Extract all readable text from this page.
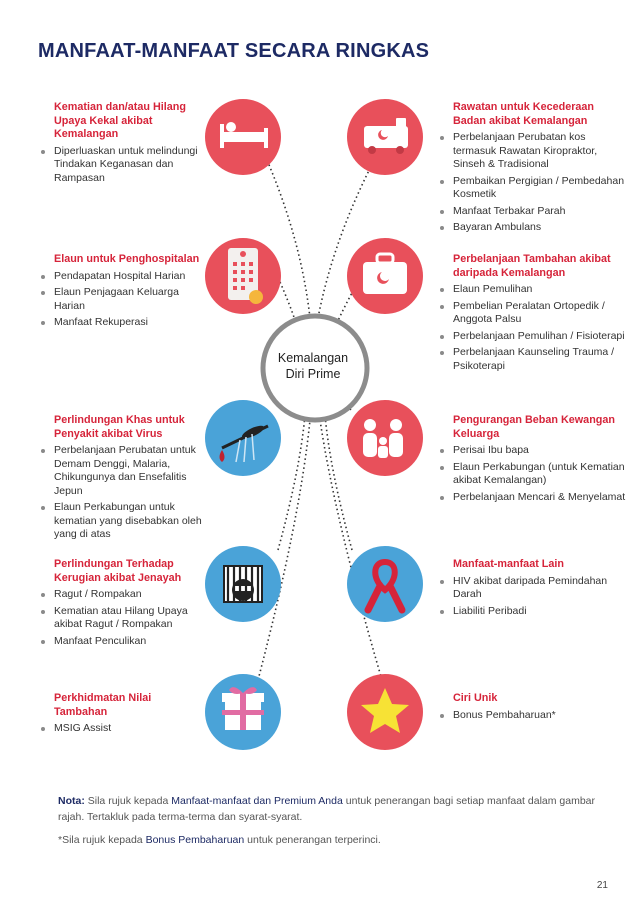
MANFAAT-MANFAAT SECARA RINGKAS
Kemalangan
Diri Prime
Kematian dan/atau Hilang Upaya Kekal akibat Kemalangan
Diperluaskan untuk melindungi Tindakan Keganasan dan Rampasan
Elaun untuk Penghospitalan
Pendapatan Hospital Harian
Elaun Penjagaan Keluarga Harian
Manfaat Rekuperasi
Perlindungan Khas untuk Penyakit akibat Virus
Perbelanjaan Perubatan untuk Demam Denggi, Malaria, Chikungunya dan Ensefalitis Jepun
Elaun Perkabungan untuk kematian yang disebabkan oleh yang di atas
Perlindungan Terhadap Kerugian akibat Jenayah
Ragut / Rompakan
Kematian atau Hilang Upaya akibat Ragut / Rompakan
Manfaat Penculikan
Perkhidmatan Nilai Tambahan
MSIG Assist
Rawatan untuk Kecederaan Badan akibat Kemalangan
Perbelanjaan Perubatan kos termasuk Rawatan Kiropraktor, Sinseh & Tradisional
Pembaikan Pergigian / Pembedahan Kosmetik
Manfaat Terbakar Parah
Bayaran Ambulans
Perbelanjaan Tambahan akibat daripada Kemalangan
Elaun Pemulihan
Pembelian Peralatan Ortopedik / Anggota Palsu
Perbelanjaan Pemulihan / Fisioterapi
Perbelanjaan Kaunseling Trauma / Psikoterapi
Pengurangan Beban Kewangan Keluarga
Perisai Ibu bapa
Elaun Perkabungan (untuk Kematian akibat Kemalangan)
Perbelanjaan Mencari & Menyelamat
Manfaat-manfaat Lain
HIV akibat daripada Pemindahan Darah
Liabiliti Peribadi
Ciri Unik
Bonus Pembaharuan*
Nota: Sila rujuk kepada Manfaat-manfaat dan Premium Anda untuk penerangan bagi setiap manfaat dalam gambar rajah. Tertakluk pada terma-terma dan syarat-syarat.
*Sila rujuk kepada Bonus Pembaharuan untuk penerangan terperinci.
21
